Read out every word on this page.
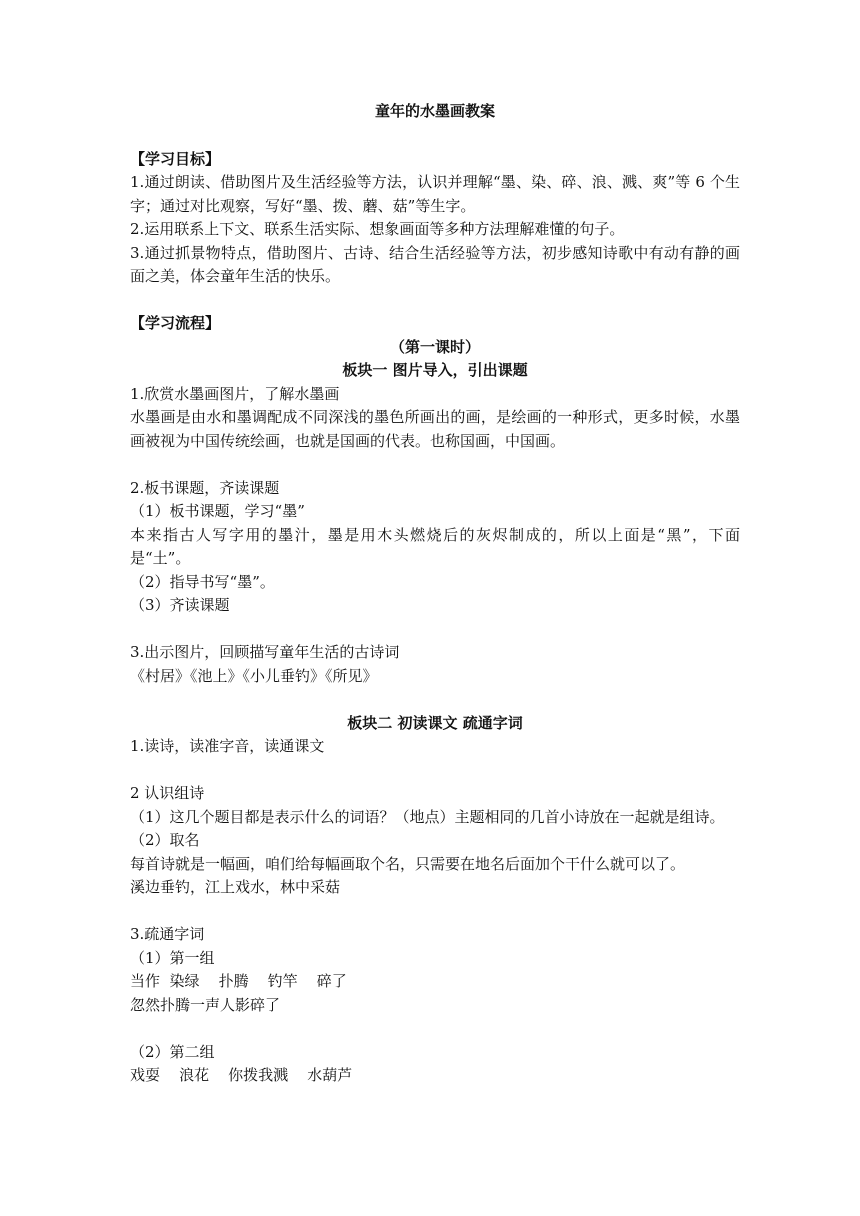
童年的水墨画教案
【学习目标】

1.通过朗读、借助图片及生活经验等方法，认识并理解“墨、染、碎、浪、溅、爽”等 6 个生字；通过对比观察，写好“墨、拨、蘑、菇”等生字。

2.运用联系上下文、联系生活实际、想象画面等多种方法理解难懂的句子。

3.通过抓景物特点，借助图片、古诗、结合生活经验等方法，初步感知诗歌中有动有静的画面之美，体会童年生活的快乐。

【学习流程】
（第一课时）
板块一 图片导入，引出课题

1.欣赏水墨画图片，了解水墨画

水墨画是由水和墨调配成不同深浅的墨色所画出的画，是绘画的一种形式，更多时候，水墨画被视为中国传统绘画，也就是国画的代表。也称国画，中国画。

2.板书课题，齐读课题

（1）板书课题，学习“墨”

本来指古人写字用的墨汁，墨是用木头燃烧后的灰烬制成的，所以上面是“黑”，下面是“土”。

（2）指导书写“墨”。

（3）齐读课题

3.出示图片，回顾描写童年生活的古诗词

《村居》《池上》《小儿垂钓》《所见》

板块二 初读课文 疏通字词

1.读诗，读准字音，读通课文

2 认识组诗

（1）这几个题目都是表示什么的词语？（地点）主题相同的几首小诗放在一起就是组诗。

（2）取名

每首诗就是一幅画，咱们给每幅画取个名，只需要在地名后面加个干什么就可以了。

溪边垂钓，江上戏水，林中采菇

3.疏通字词

（1）第一组

当作  染绿    扑腾    钓竿    碎了

忽然扑腾一声人影碎了

（2）第二组

戏耍    浪花    你拨我溅    水葫芦
